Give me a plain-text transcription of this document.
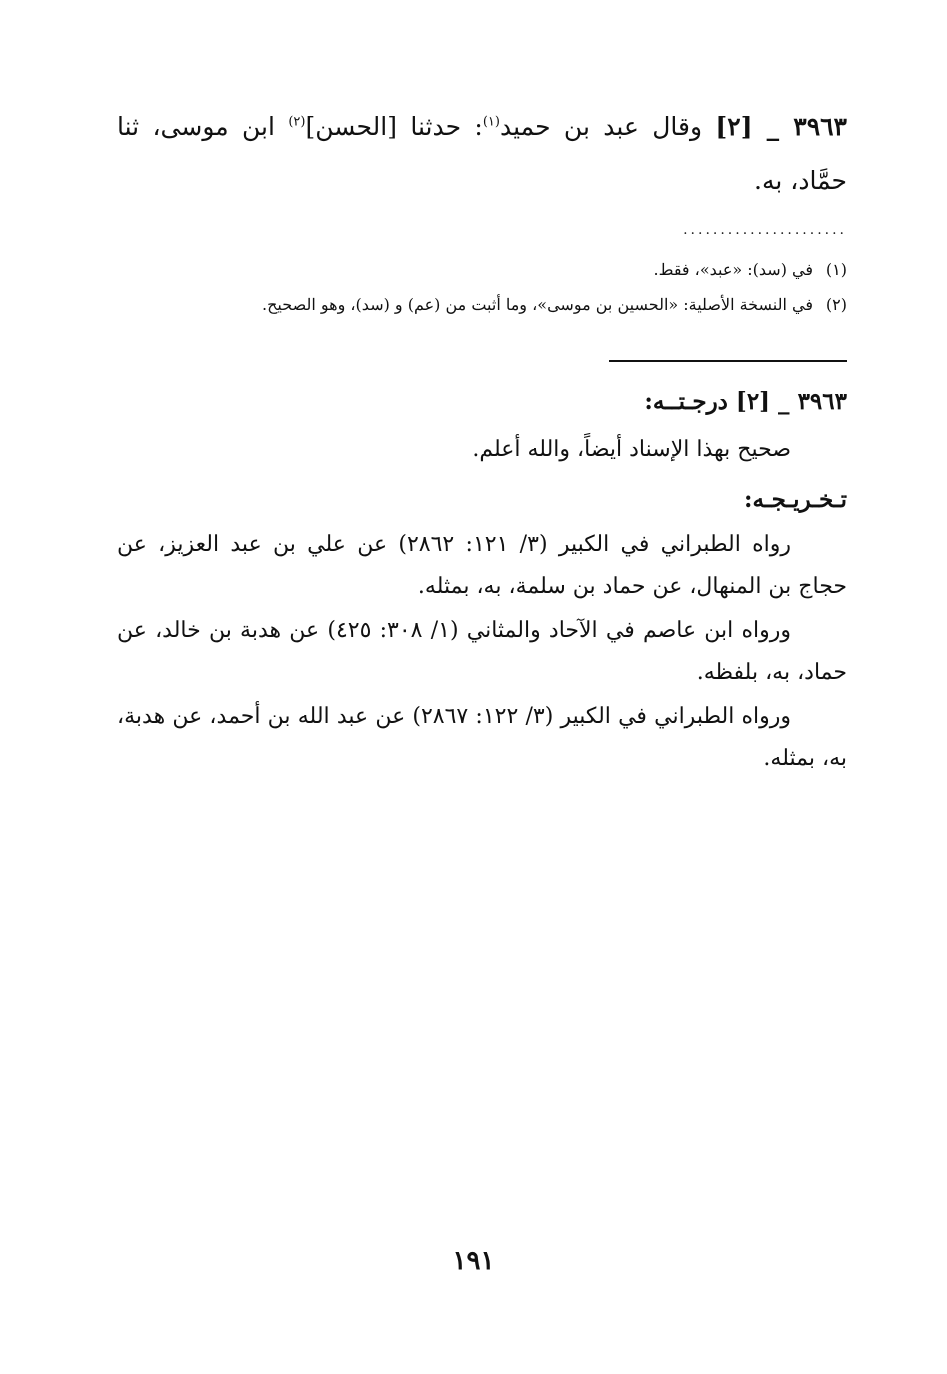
٣٩٦٣ _ [٢] وقال عبد بن حميد$^{(١)}$: حدثنا [الحسن]$^{(٢)}$ ابن موسى، ثنا حمَّاد، به.
......................
(١)
في (سد): «عبد»، فقط.
(٢)
في النسخة الأصلية: «الحسين بن موسى»، وما أثبت من (عم) و (سد)، وهو الصحيح.
٣٩٦٣ _ [٢] درجـتــه:
صحيح بهذا الإسناد أيضاً، والله أعلم.
تـخـريـجـه:

رواه الطبراني في الكبير (٣/ ١٢١: ٢٨٦٢) عن علي بن عبد العزيز، عن حجاج بن المنهال، عن حماد بن سلمة، به، بمثله.

ورواه ابن عاصم في الآحاد والمثاني (١/ ٣٠٨: ٤٢٥) عن هدبة بن خالد، عن حماد، به، بلفظه.

ورواه الطبراني في الكبير (٣/ ١٢٢: ٢٨٦٧) عن عبد الله بن أحمد، عن هدبة، به، بمثله.

١٩١
